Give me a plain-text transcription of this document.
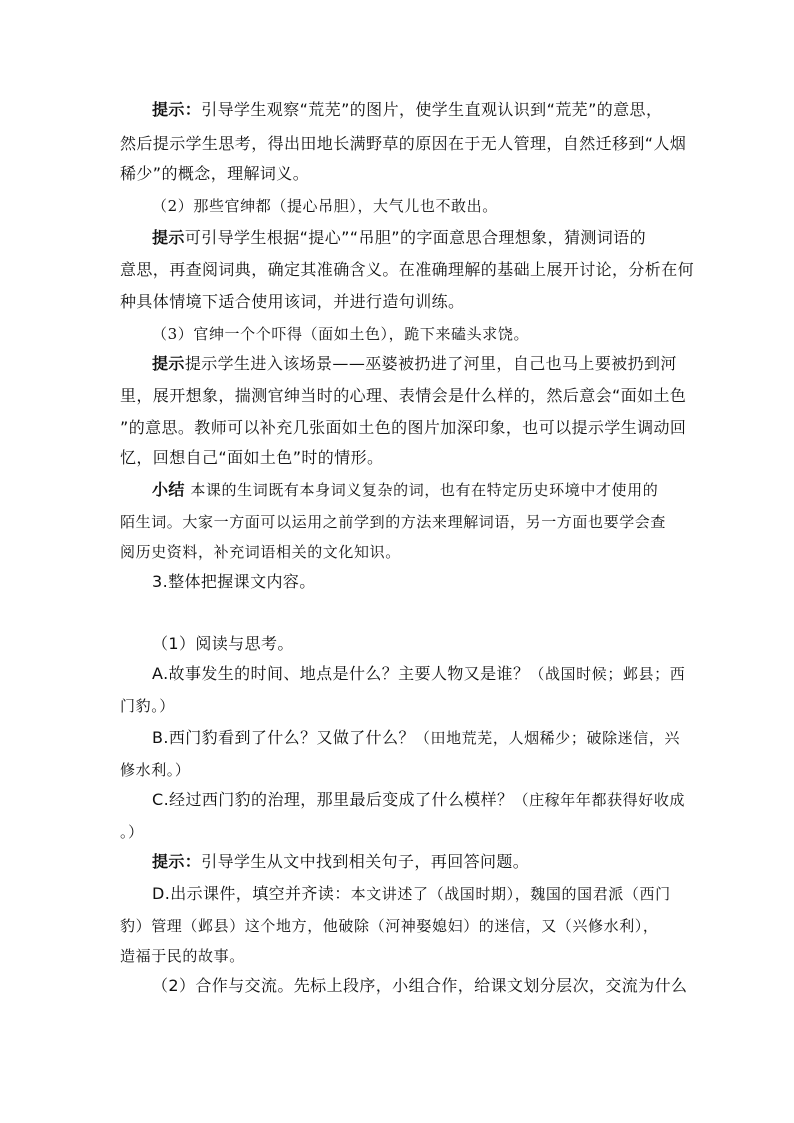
提示：引导学生观察“荒芜”的图片，使学生直观认识到“荒芜”的意思，
然后提示学生思考，得出田地长满野草的原因在于无人管理，自然迁移到“人烟
稀少”的概念，理解词义。
（2）那些官绅都（提心吊胆），大气儿也不敢出。
提示可引导学生根据“提心”“吊胆”的字面意思合理想象，猜测词语的
意思，再查阅词典，确定其准确含义。在准确理解的基础上展开讨论，分析在何
种具体情境下适合使用该词，并进行造句训练。
（3）官绅一个个吓得（面如土色），跪下来磕头求饶。
提示提示学生进入该场景——巫婆被扔进了河里，自己也马上要被扔到河
里，展开想象，揣测官绅当时的心理、表情会是什么样的，然后意会“面如土色
”的意思。教师可以补充几张面如土色的图片加深印象，也可以提示学生调动回
忆，回想自己“面如土色”时的情形。
小结 本课的生词既有本身词义复杂的词，也有在特定历史环境中才使用的
陌生词。大家一方面可以运用之前学到的方法来理解词语，另一方面也要学会查
阅历史资料，补充词语相关的文化知识。
3.整体把握课文内容。
（1）阅读与思考。
A.故事发生的时间、地点是什么？主要人物又是谁？（战国时候；邺县；西
门豹。）
B.西门豹看到了什么？又做了什么？（田地荒芜，人烟稀少；破除迷信，兴
修水利。）
C.经过西门豹的治理，那里最后变成了什么模样？（庄稼年年都获得好收成
。）
提示：引导学生从文中找到相关句子，再回答问题。
D.出示课件，填空并齐读：本文讲述了（战国时期），魏国的国君派（西门
豹）管理（邺县）这个地方，他破除（河神娶媳妇）的迷信，又（兴修水利），
造福于民的故事。
（2）合作与交流。先标上段序，小组合作，给课文划分层次，交流为什么
